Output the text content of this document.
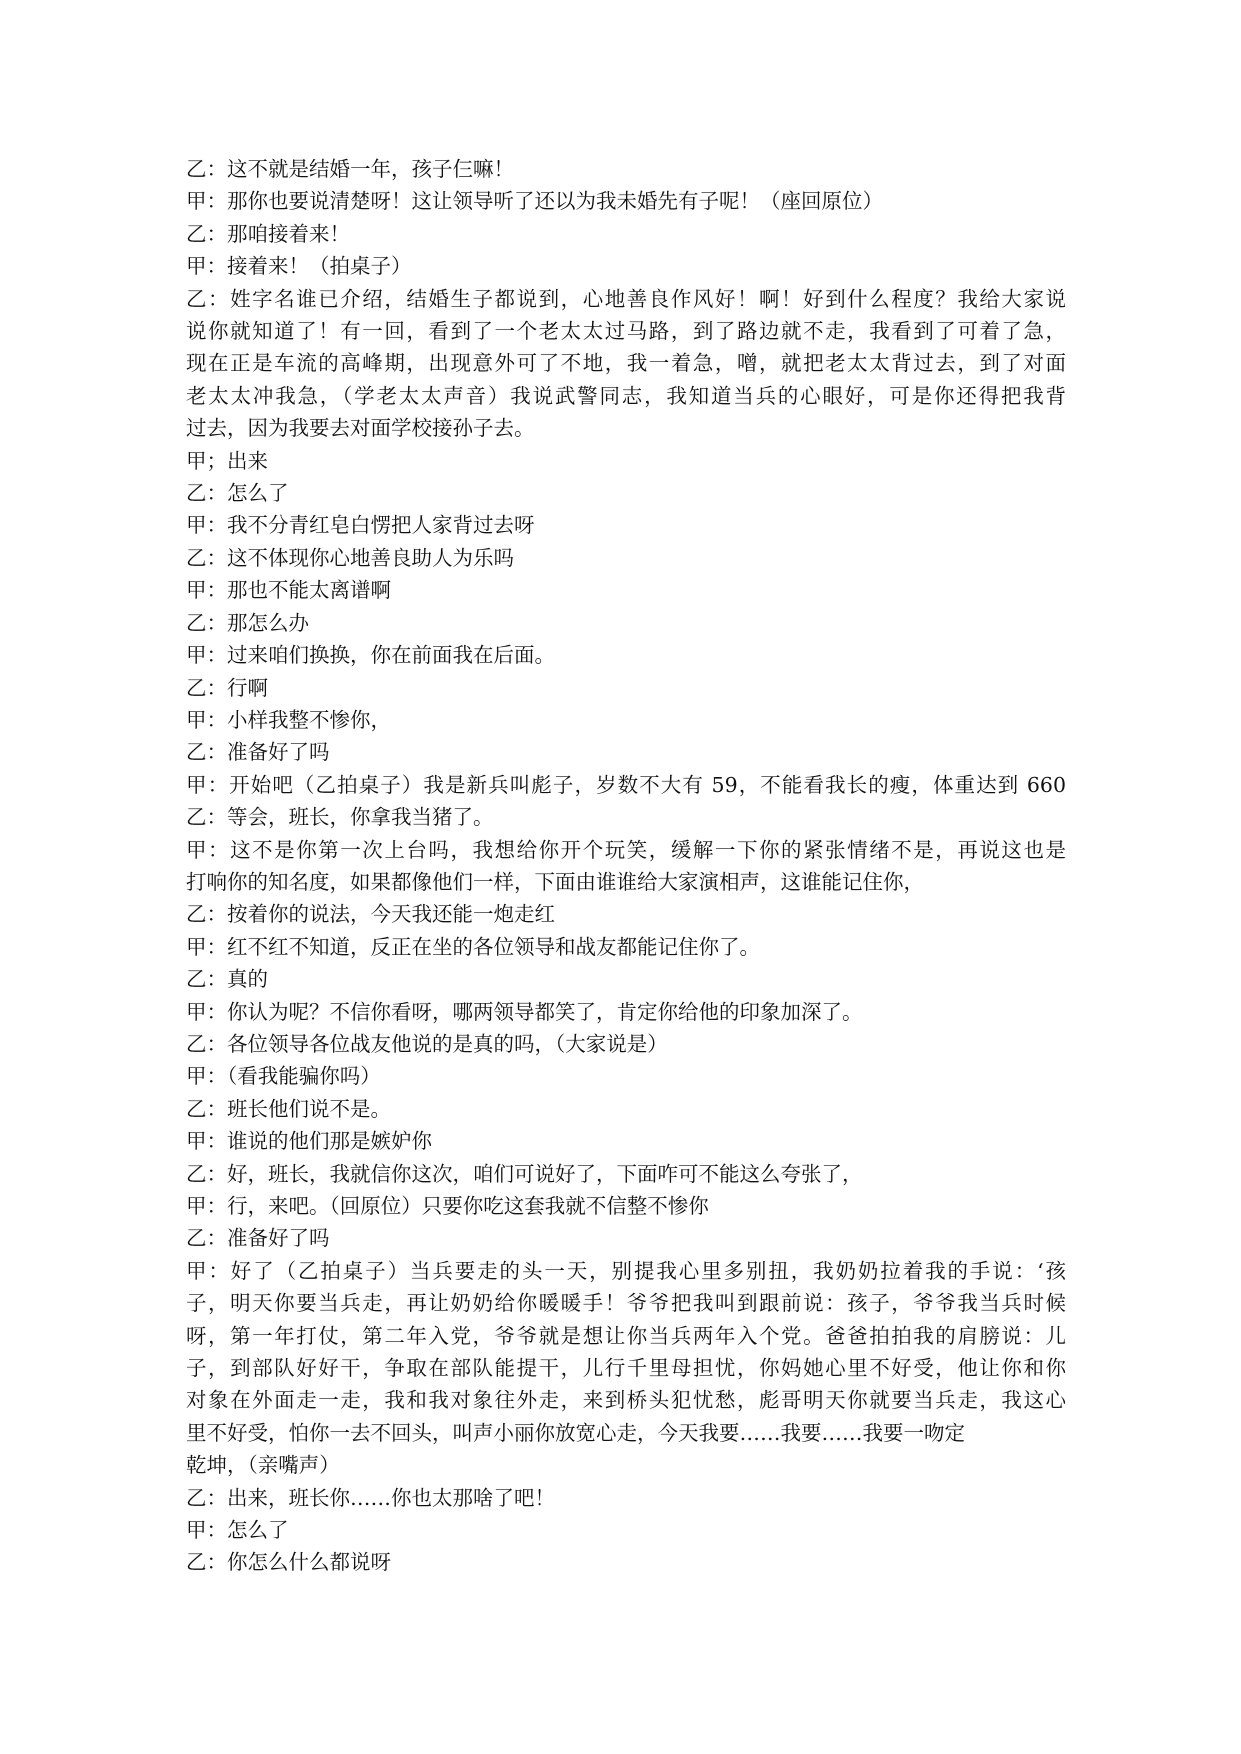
乙：这不就是结婚一年，孩子仨嘛！
甲：那你也要说清楚呀！这让领导听了还以为我未婚先有子呢！（座回原位）
乙：那咱接着来！
甲：接着来！（拍桌子）
乙：姓字名谁已介绍，结婚生子都说到，心地善良作风好！啊！好到什么程度？我给大家说
说你就知道了！有一回，看到了一个老太太过马路，到了路边就不走，我看到了可着了急，
现在正是车流的高峰期，出现意外可了不地，我一着急，噌，就把老太太背过去，到了对面
老太太冲我急，（学老太太声音）我说武警同志，我知道当兵的心眼好，可是你还得把我背
过去，因为我要去对面学校接孙子去。
甲；出来
乙：怎么了
甲：我不分青红皂白愣把人家背过去呀
乙：这不体现你心地善良助人为乐吗
甲：那也不能太离谱啊
乙：那怎么办
甲：过来咱们换换，你在前面我在后面。
乙：行啊
甲：小样我整不惨你，
乙：准备好了吗
甲：开始吧（乙拍桌子）我是新兵叫彪子，岁数不大有 59，不能看我长的瘦，体重达到 660
乙：等会，班长，你拿我当猪了。
甲：这不是你第一次上台吗，我想给你开个玩笑，缓解一下你的紧张情绪不是，再说这也是
打响你的知名度，如果都像他们一样，下面由谁谁给大家演相声，这谁能记住你，
乙：按着你的说法，今天我还能一炮走红
甲：红不红不知道，反正在坐的各位领导和战友都能记住你了。
乙：真的
甲：你认为呢？不信你看呀，哪两领导都笑了，肯定你给他的印象加深了。
乙：各位领导各位战友他说的是真的吗，（大家说是）
甲：（看我能骗你吗）
乙：班长他们说不是。
甲：谁说的他们那是嫉妒你
乙：好，班长，我就信你这次，咱们可说好了，下面咋可不能这么夸张了，
甲：行，来吧。（回原位）只要你吃这套我就不信整不惨你
乙：准备好了吗
甲：好了（乙拍桌子）当兵要走的头一天，别提我心里多别扭，我奶奶拉着我的手说：‘孩
子，明天你要当兵走，再让奶奶给你暖暖手！爷爷把我叫到跟前说：孩子，爷爷我当兵时候
呀，第一年打仗，第二年入党，爷爷就是想让你当兵两年入个党。爸爸拍拍我的肩膀说：儿
子，到部队好好干，争取在部队能提干，儿行千里母担忧，你妈她心里不好受，他让你和你
对象在外面走一走，我和我对象往外走，来到桥头犯忧愁，彪哥明天你就要当兵走，我这心
里不好受，怕你一去不回头，叫声小丽你放宽心走，今天我要……我要……我要一吻定
乾坤，（亲嘴声）
乙：出来，班长你……你也太那啥了吧！
甲：怎么了
乙：你怎么什么都说呀
